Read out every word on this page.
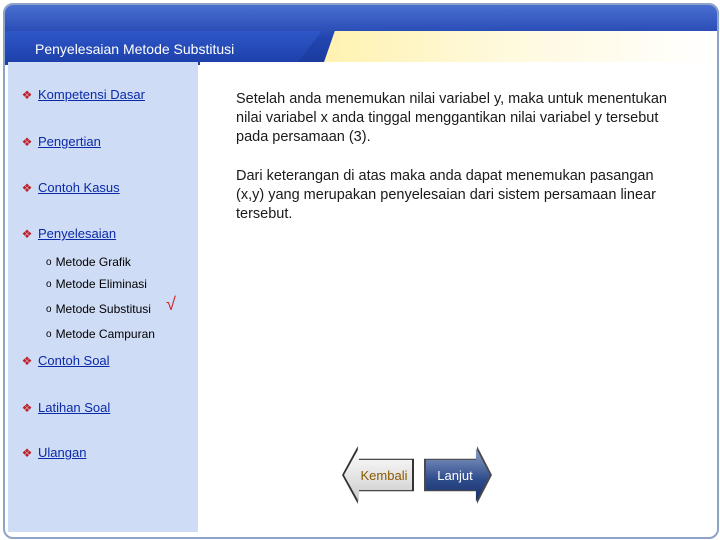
Penyelesaian Metode Substitusi
❖ Kompetensi Dasar
❖ Pengertian
❖ Contoh Kasus
❖ Penyelesaian
o Metode Grafik
o Metode Eliminasi
o Metode Substitusi √
o Metode Campuran
❖ Contoh Soal
❖ Latihan Soal
❖ Ulangan

Setelah anda menemukan nilai variabel y, maka untuk menentukan nilai variabel x anda tinggal menggantikan nilai variabel y tersebut pada persamaan (3).

Dari keterangan di atas maka anda dapat menemukan pasangan (x,y) yang merupakan penyelesaian dari sistem persamaan linear tersebut.

Kembali	Lanjut
